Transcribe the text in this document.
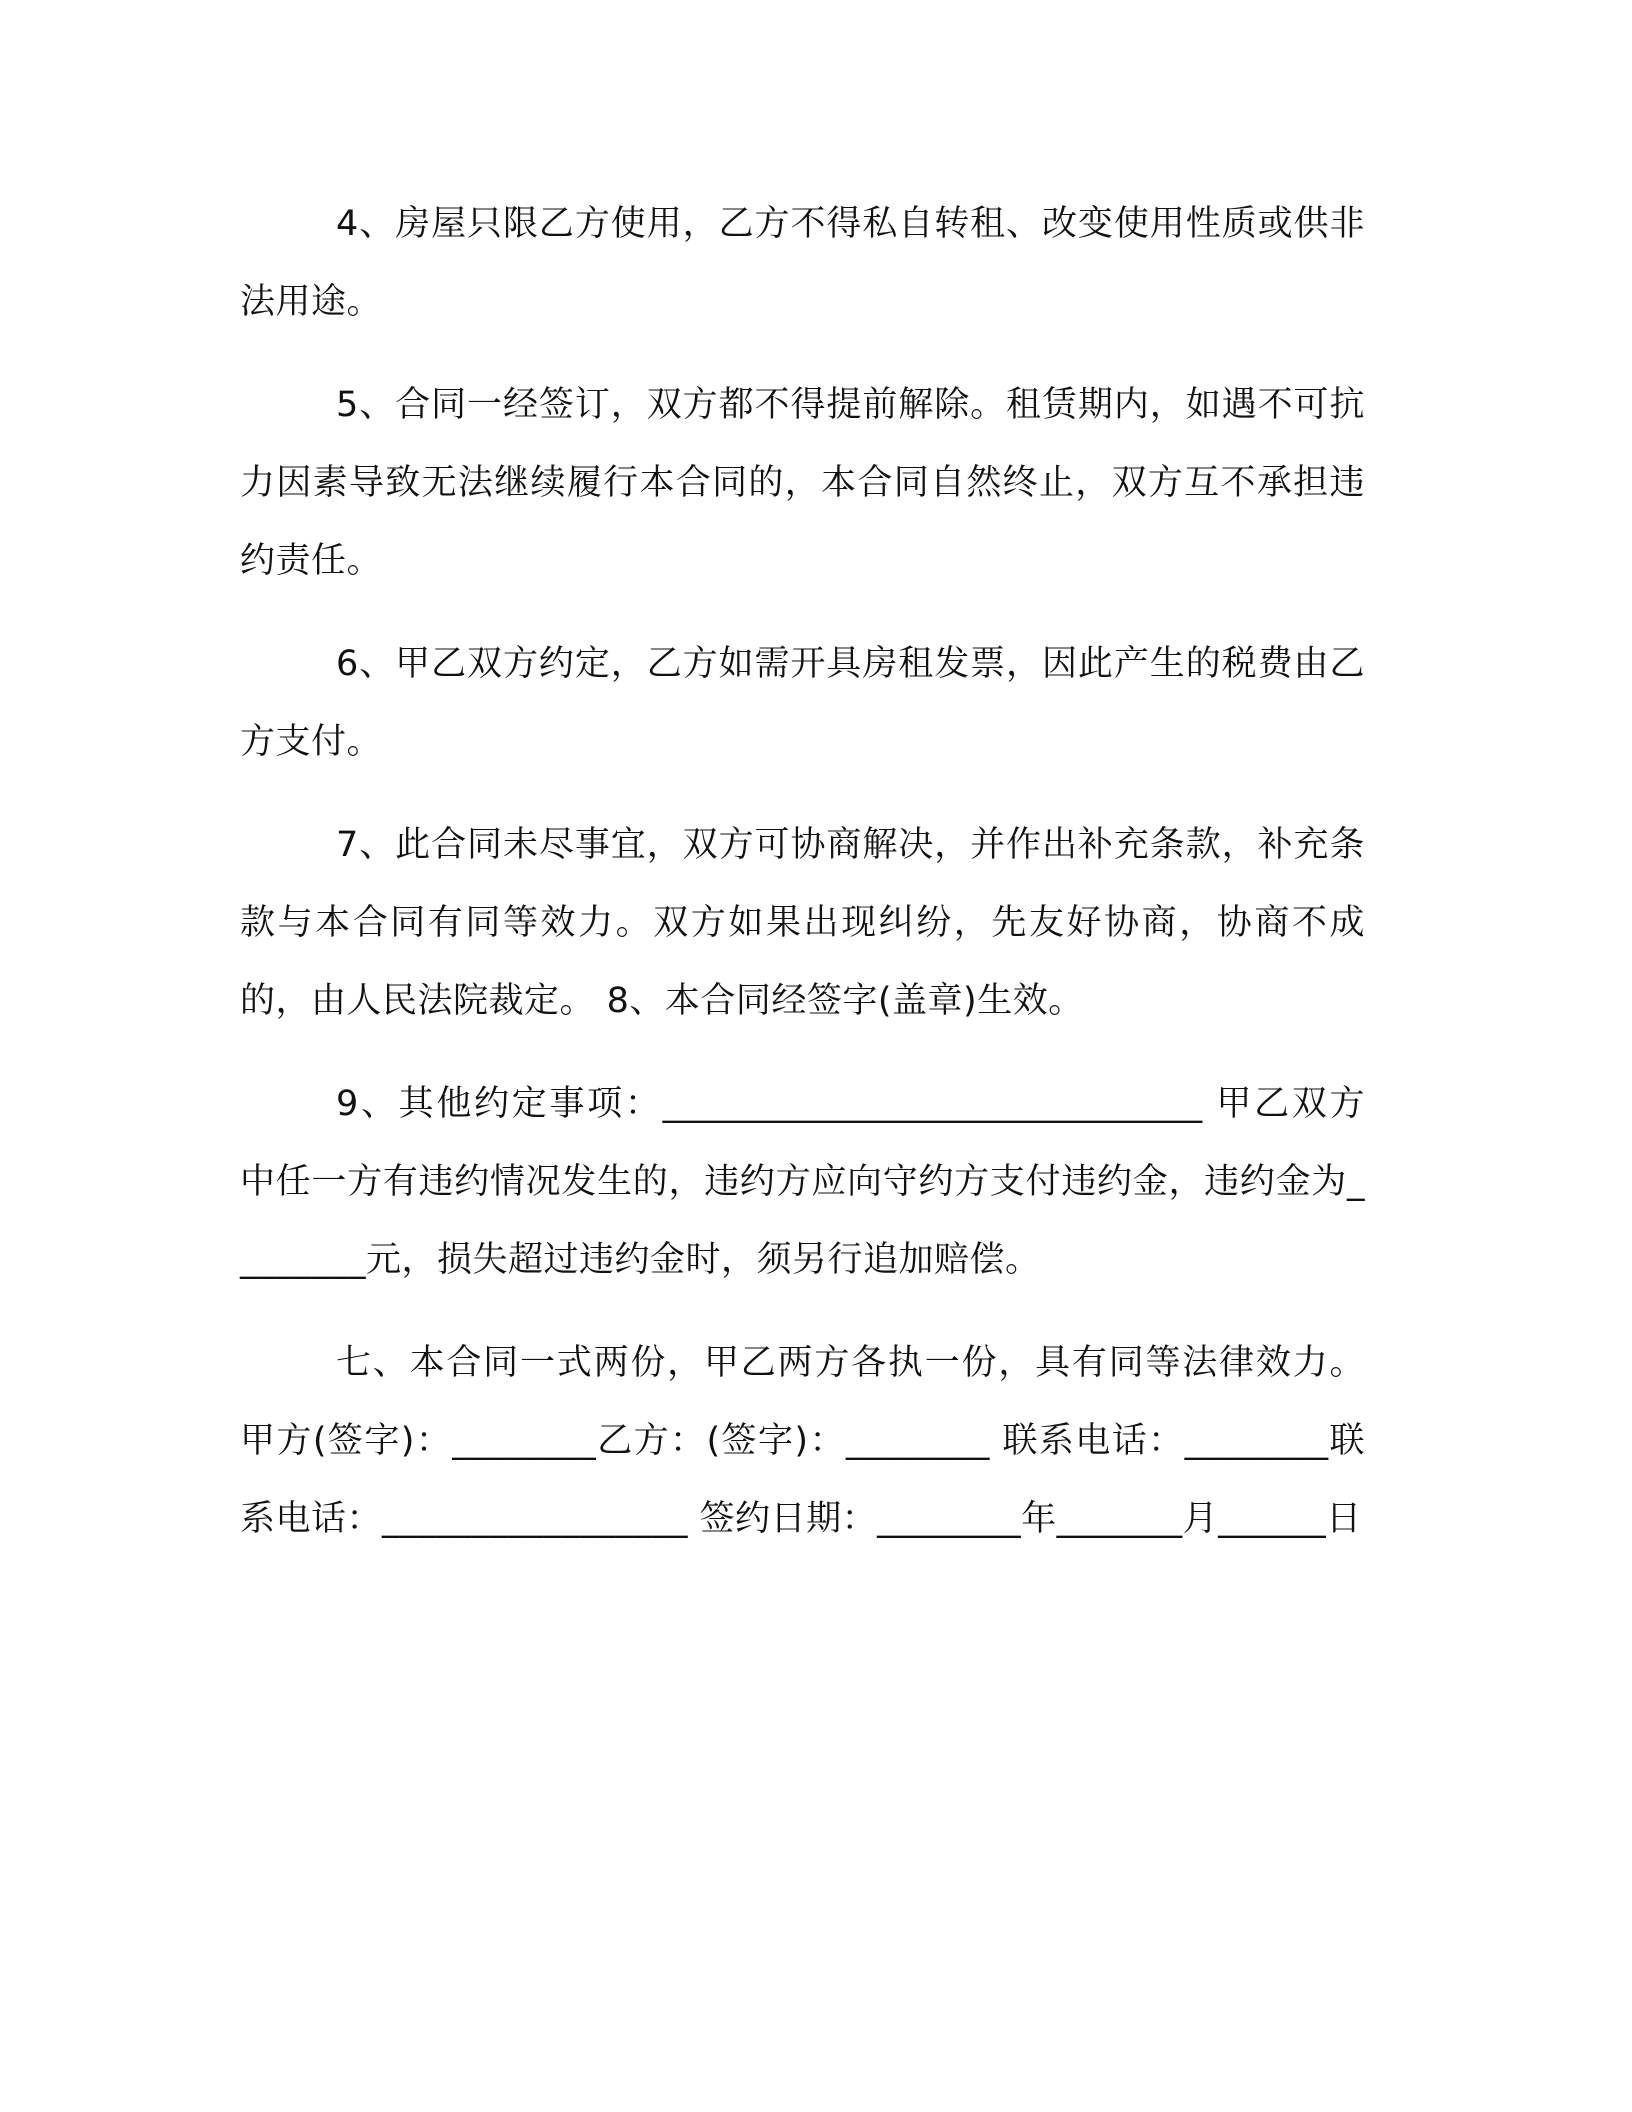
4、房屋只限乙方使用，乙方不得私自转租、改变使用性质或供非法用途。

5、合同一经签订，双方都不得提前解除。租赁期内，如遇不可抗力因素导致无法继续履行本合同的，本合同自然终止，双方互不承担违约责任。

6、甲乙双方约定，乙方如需开具房租发票，因此产生的税费由乙方支付。

7、此合同未尽事宜，双方可协商解决，并作出补充条款，补充条款与本合同有同等效力。双方如果出现纠纷，先友好协商，协商不成的，由人民法院裁定。 8、本合同经签字(盖章)生效。

9、其他约定事项：______________________________ 甲乙双方中任一方有违约情况发生的，违约方应向守约方支付违约金，违约金为________元，损失超过违约金时，须另行追加赔偿。

七、本合同一式两份，甲乙两方各执一份，具有同等法律效力。甲方(签字)：________乙方：(签字)：________ 联系电话：________联系电话：_________________ 签约日期：________年_______月______日
